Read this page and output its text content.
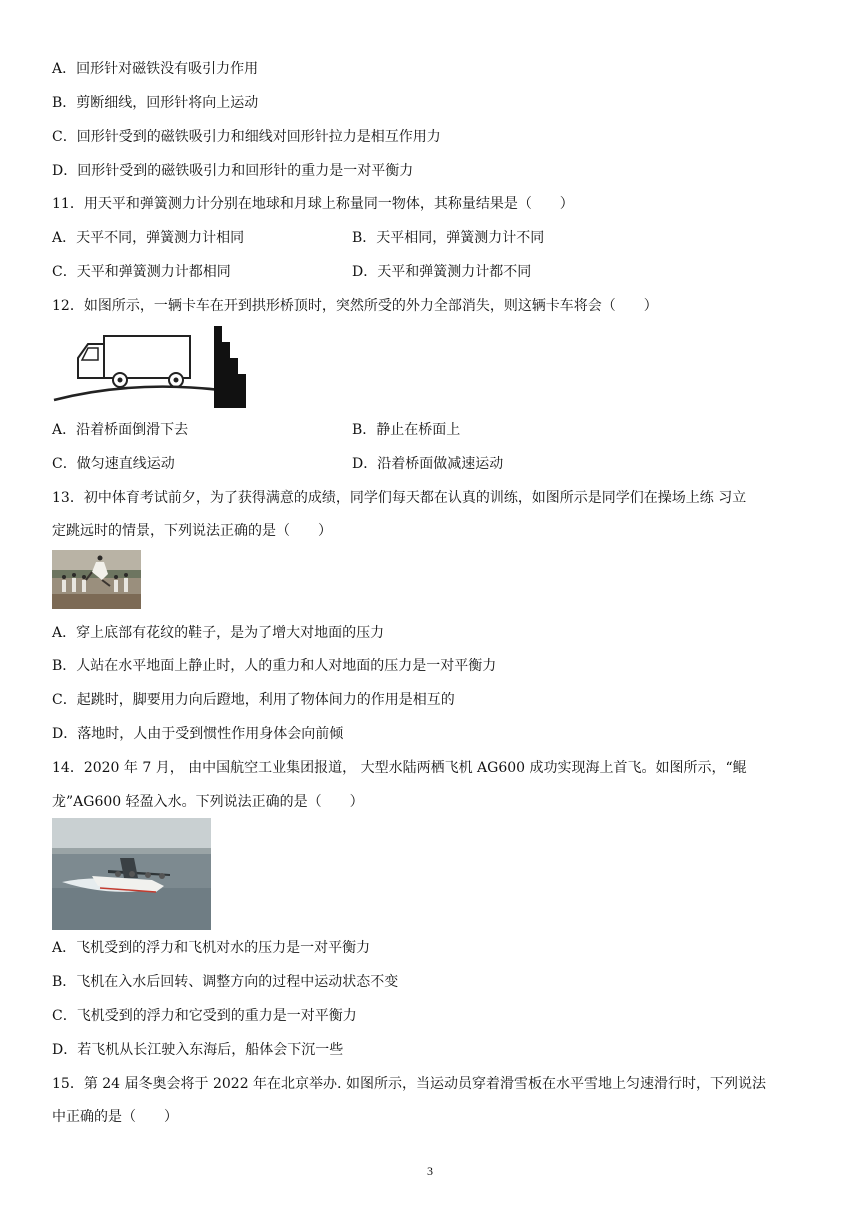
A．回形针对磁铁没有吸引力作用
B．剪断细线，回形针将向上运动
C．回形针受到的磁铁吸引力和细线对回形针拉力是相互作用力
D．回形针受到的磁铁吸引力和回形针的重力是一对平衡力
11．用天平和弹簧测力计分别在地球和月球上称量同一物体，其称量结果是（　　）
A．天平不同，弹簧测力计相同	B．天平相同，弹簧测力计不同
C．天平和弹簧测力计都相同	D．天平和弹簧测力计都不同
12．如图所示，一辆卡车在开到拱形桥顶时，突然所受的外力全部消失，则这辆卡车将会（　　）
A．沿着桥面倒滑下去	B．静止在桥面上
C．做匀速直线运动	D．沿着桥面做减速运动
13．初中体育考试前夕，为了获得满意的成绩，同学们每天都在认真的训练，如图所示是同学们在操场上练 习立
定跳远时的情景，下列说法正确的是（　　）
A．穿上底部有花纹的鞋子，是为了增大对地面的压力
B．人站在水平地面上静止时，人的重力和人对地面的压力是一对平衡力
C．起跳时，脚要用力向后蹬地，利用了物体间力的作用是相互的
D．落地时，人由于受到惯性作用身体会向前倾
14．2020 年 7 月， 由中国航空工业集团报道， 大型水陆两栖飞机 AG600 成功实现海上首飞。如图所示，“鲲
龙”AG600 轻盈入水。下列说法正确的是（　　）
A．飞机受到的浮力和飞机对水的压力是一对平衡力
B．飞机在入水后回转、调整方向的过程中运动状态不变
C．飞机受到的浮力和它受到的重力是一对平衡力
D．若飞机从长江驶入东海后，船体会下沉一些
15．第 24 届冬奥会将于 2022 年在北京举办. 如图所示，当运动员穿着滑雪板在水平雪地上匀速滑行时，下列说法
中正确的是（　　）
3
